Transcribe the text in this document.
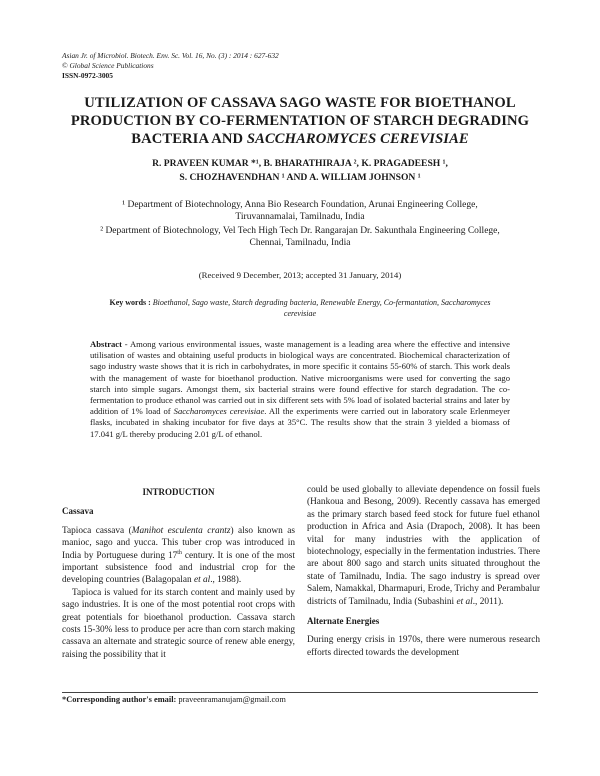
Asian Jr. of Microbiol. Biotech. Env. Sc. Vol. 16, No. (3) : 2014 : 627-632
© Global Science Publications
ISSN-0972-3005
UTILIZATION OF CASSAVA SAGO WASTE FOR BIOETHANOL
PRODUCTION BY CO-FERMENTATION OF STARCH DEGRADING
BACTERIA AND SACCHAROMYCES CEREVISIAE
R. PRAVEEN KUMAR *¹, B. BHARATHIRAJA ², K. PRAGADEESH ¹,
S. CHOZHAVENDHAN ¹ AND A. WILLIAM JOHNSON ¹
¹ Department of Biotechnology, Anna Bio Research Foundation, Arunai Engineering College,
Tiruvannamalai, Tamilnadu, India
² Department of Biotechnology, Vel Tech High Tech Dr. Rangarajan Dr. Sakunthala Engineering College,
Chennai, Tamilnadu, India
(Received 9 December, 2013; accepted 31 January, 2014)
Key words : Bioethanol, Sago waste, Starch degrading bacteria, Renewable Energy, Co-fermantation, Saccharomyces cerevisiae
Abstract - Among various environmental issues, waste management is a leading area where the effective and intensive utilisation of wastes and obtaining useful products in biological ways are concentrated. Biochemical characterization of sago industry waste shows that it is rich in carbohydrates, in more specific it contains 55-60% of starch. This work deals with the management of waste for bioethanol production. Native microorganisms were used for converting the sago starch into simple sugars. Amongst them, six bacterial strains were found effective for starch degradation. The co-fermentation to produce ethanol was carried out in six different sets with 5% load of isolated bacterial strains and later by addition of 1% load of Saccharomyces cerevisiae. All the experiments were carried out in laboratory scale Erlenmeyer flasks, incubated in shaking incubator for five days at 35°C. The results show that the strain 3 yielded a biomass of 17.041 g/L thereby producing 2.01 g/L of ethanol.

INTRODUCTION

Cassava

Tapioca cassava (Manihot esculenta crantz) also known as manioc, sago and yucca. This tuber crop was introduced in India by Portuguese during 17th century. It is one of the most important subsistence food and industrial crop for the developing countries (Balagopalan et al., 1988).

Tapioca is valued for its starch content and mainly used by sago industries. It is one of the most potential root crops with great potentials for bioethanol production. Cassava starch costs 15-30% less to produce per acre than corn starch making cassava an alternate and strategic source of renew able energy, raising the possibility that it

could be used globally to alleviate dependence on fossil fuels (Hankoua and Besong, 2009). Recently cassava has emerged as the primary starch based feed stock for future fuel ethanol production in Africa and Asia (Drapoch, 2008). It has been vital for many industries with the application of biotechnology, especially in the fermentation industries. There are about 800 sago and starch units situated throughout the state of Tamilnadu, India. The sago industry is spread over Salem, Namakkal, Dharmapuri, Erode, Trichy and Perambalur districts of Tamilnadu, India (Subashini et al., 2011).

Alternate Energies

During energy crisis in 1970s, there were numerous research efforts directed towards the development

*Corresponding author's email: praveenramanujam@gmail.com
